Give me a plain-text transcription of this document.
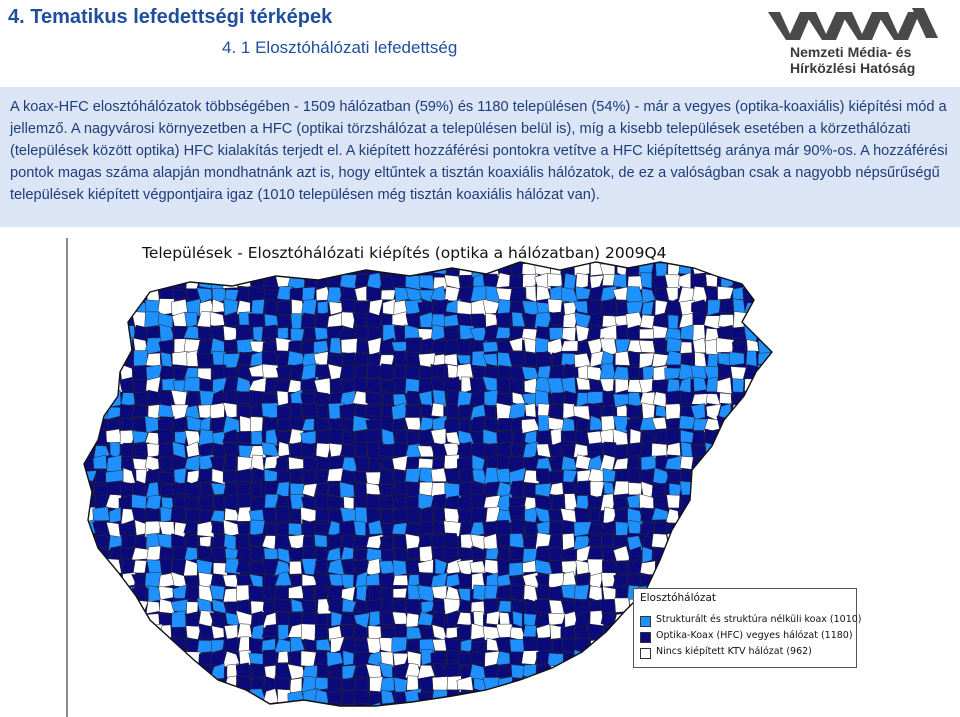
4. Tematikus lefedettségi térképek
4. 1 Elosztóhálózati lefedettség	Nemzeti Média- és
Hírközlési Hatóság

A koax-HFC elosztóhálózatok többségében - 1509 hálózatban (59%) és 1180 településen (54%) - már a vegyes (optika-koaxiális) kiépítési mód a jellemző. A nagyvárosi környezetben a HFC (optikai törzshálózat a településen belül is), míg a kisebb települések esetében a körzethálózati (települések között optika) HFC kialakítás terjedt el. A kiépített hozzáférési pontokra vetítve a HFC kiépítettség aránya már 90%-os. A hozzáférési pontok magas száma alapján mondhatnánk azt is, hogy eltűntek a tisztán koaxiális hálózatok, de ez a valóságban csak a nagyobb népsűrűségű települések kiépített végpontjaira igaz (1010 településen még tisztán koaxiális hálózat van).

Települések - Elosztóhálózati kiépítés (optika a hálózatban) 2009Q4
Elosztóhálózat
Strukturált és struktúra nélküli koax (1010)
Optika-Koax (HFC) vegyes hálózat (1180)
Nincs kiépített KTV hálózat (962)
